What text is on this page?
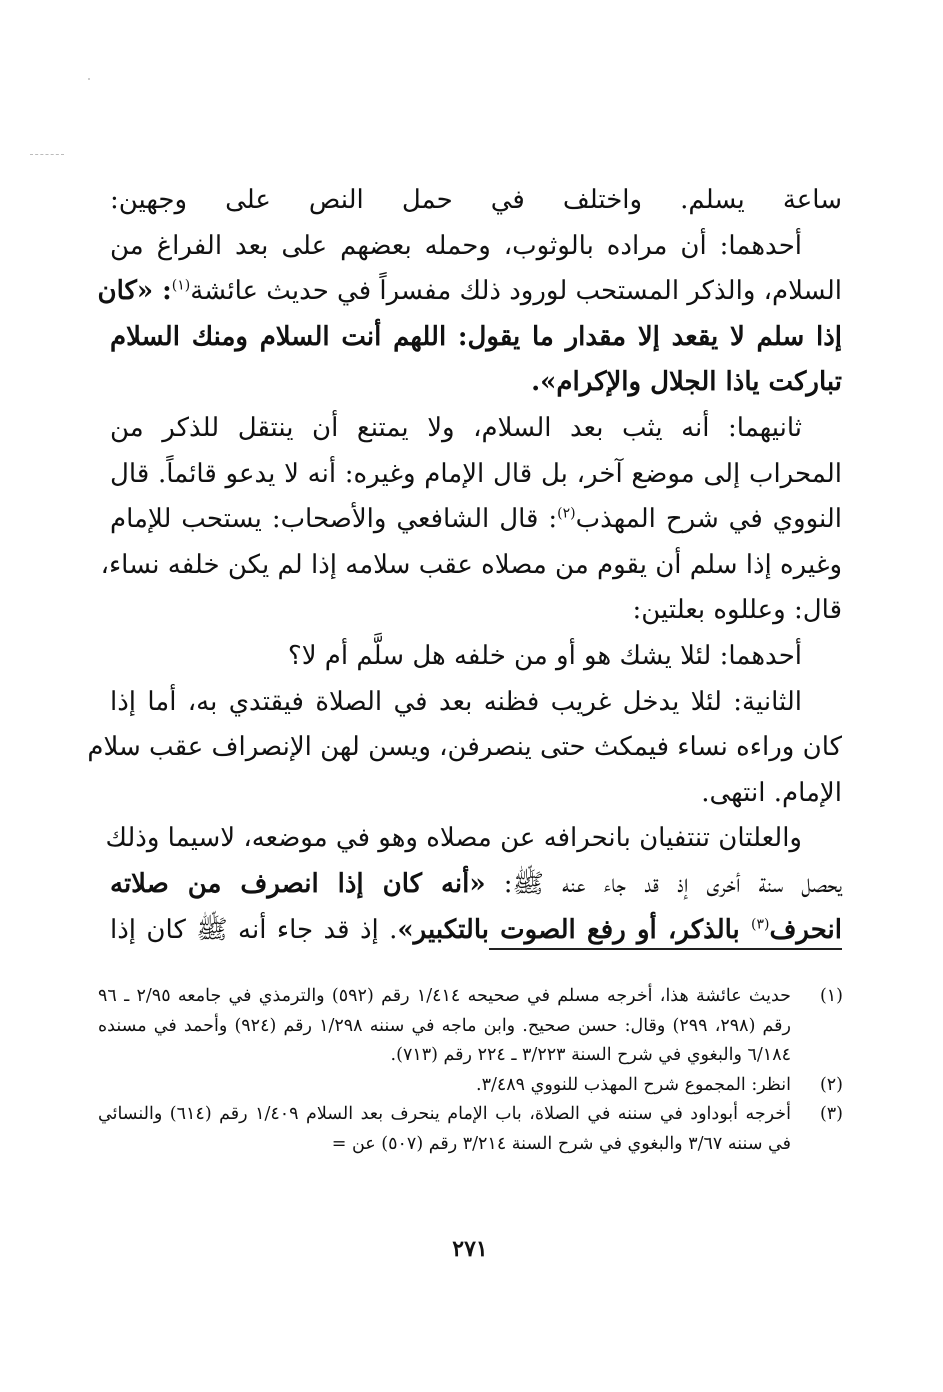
ساعة يسلم. واختلف في حمل النص على وجهين:
أحدهما: أن مراده بالوثوب، وحمله بعضهم على بعد الفراغ من
السلام، والذكر المستحب لورود ذلك مفسراً في حديث عائشة$^{(١)}$: «كان
إذا سلم لا يقعد إلا مقدار ما يقول: اللهم أنت السلام ومنك السلام
تباركت ياذا الجلال والإكرام».
ثانيهما: أنه يثب بعد السلام، ولا يمتنع أن ينتقل للذكر من
المحراب إلى موضع آخر، بل قال الإمام وغيره: أنه لا يدعو قائماً. قال
النووي في شرح المهذب$^{(٢)}$: قال الشافعي والأصحاب: يستحب للإمام
وغيره إذا سلم أن يقوم من مصلاه عقب سلامه إذا لم يكن خلفه نساء،
قال: وعللوه بعلتين:
أحدهما: لئلا يشك هو أو من خلفه هل سلَّم أم لا؟
الثانية: لئلا يدخل غريب فظنه بعد في الصلاة فيقتدي به، أما إذا
كان وراءه نساء فيمكث حتى ينصرفن، ويسن لهن الإنصراف عقب سلام
الإمام. انتهى.
والعلتان تنتفيان بانحرافه عن مصلاه وهو في موضعه، لاسيما وذلك
يحصل سنة أخرى إذ قد جاء عنه ﷺ: «أنه كان إذا انصرف من صلاته
انحرف$^{(٣)}$ بالذكر، أو رفع الصوت بالتكبير». إذ قد جاء أنه ﷺ كان إذا
(١)
حديث عائشة هذا، أخرجه مسلم في صحيحه ١/٤١٤ رقم (٥٩٢) والترمذي في جامعه ٢/٩٥ ـ ٩٦ رقم (٢٩٨، ٢٩٩) وقال: حسن صحيح. وابن ماجه في سننه ١/٢٩٨ رقم (٩٢٤) وأحمد في مسنده ٦/١٨٤ والبغوي في شرح السنة ٣/٢٢٣ ـ ٢٢٤ رقم (٧١٣).
(٢)
انظر: المجموع شرح المهذب للنووي ٣/٤٨٩.
(٣)
أخرجه أبوداود في سننه في الصلاة، باب الإمام ينحرف بعد السلام ١/٤٠٩ رقم (٦١٤) والنسائي في سننه ٣/٦٧ والبغوي في شرح السنة ٣/٢١٤ رقم (٥٠٧) عن =
٢٧١
